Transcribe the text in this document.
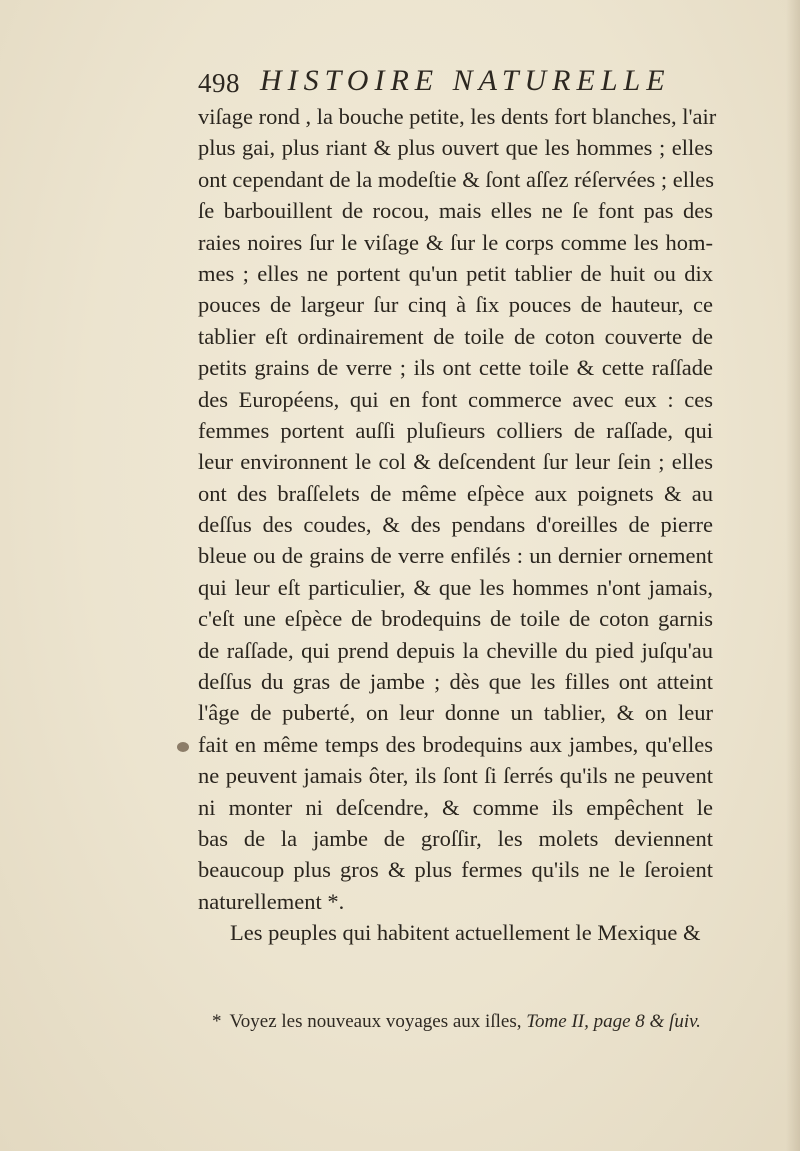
498 HISTOIRE NATURELLE
viſage rond , la bouche petite, les dents fort blanches, l'air
plus gai, plus riant & plus ouvert que les hommes ; elles
ont cependant de la modeſtie & ſont aſſez réſervées ; elles
ſe barbouillent de rocou, mais elles ne ſe font pas des
raies noires ſur le viſage & ſur le corps comme les hom-
mes ; elles ne portent qu'un petit tablier de huit ou dix
pouces de largeur ſur cinq à ſix pouces de hauteur, ce
tablier eſt ordinairement de toile de coton couverte de
petits grains de verre ; ils ont cette toile & cette raſſade
des Européens, qui en font commerce avec eux : ces
femmes portent auſſi pluſieurs colliers de raſſade, qui
leur environnent le col & deſcendent ſur leur ſein ; elles
ont des braſſelets de même eſpèce aux poignets & au
deſſus des coudes, & des pendans d'oreilles de pierre
bleue ou de grains de verre enfilés : un dernier ornement
qui leur eſt particulier, & que les hommes n'ont jamais,
c'eſt une eſpèce de brodequins de toile de coton garnis
de raſſade, qui prend depuis la cheville du pied juſqu'au
deſſus du gras de jambe ; dès que les filles ont atteint
l'âge de puberté, on leur donne un tablier, & on leur
fait en même temps des brodequins aux jambes, qu'elles
ne peuvent jamais ôter, ils ſont ſi ſerrés qu'ils ne peuvent
ni monter ni deſcendre, & comme ils empêchent le
bas de la jambe de groſſir, les molets deviennent
beaucoup plus gros & plus fermes qu'ils ne le ſeroient
naturellement *.
Les peuples qui habitent actuellement le Mexique &
* Voyez les nouveaux voyages aux iſles, Tome II, page 8 & ſuiv.
